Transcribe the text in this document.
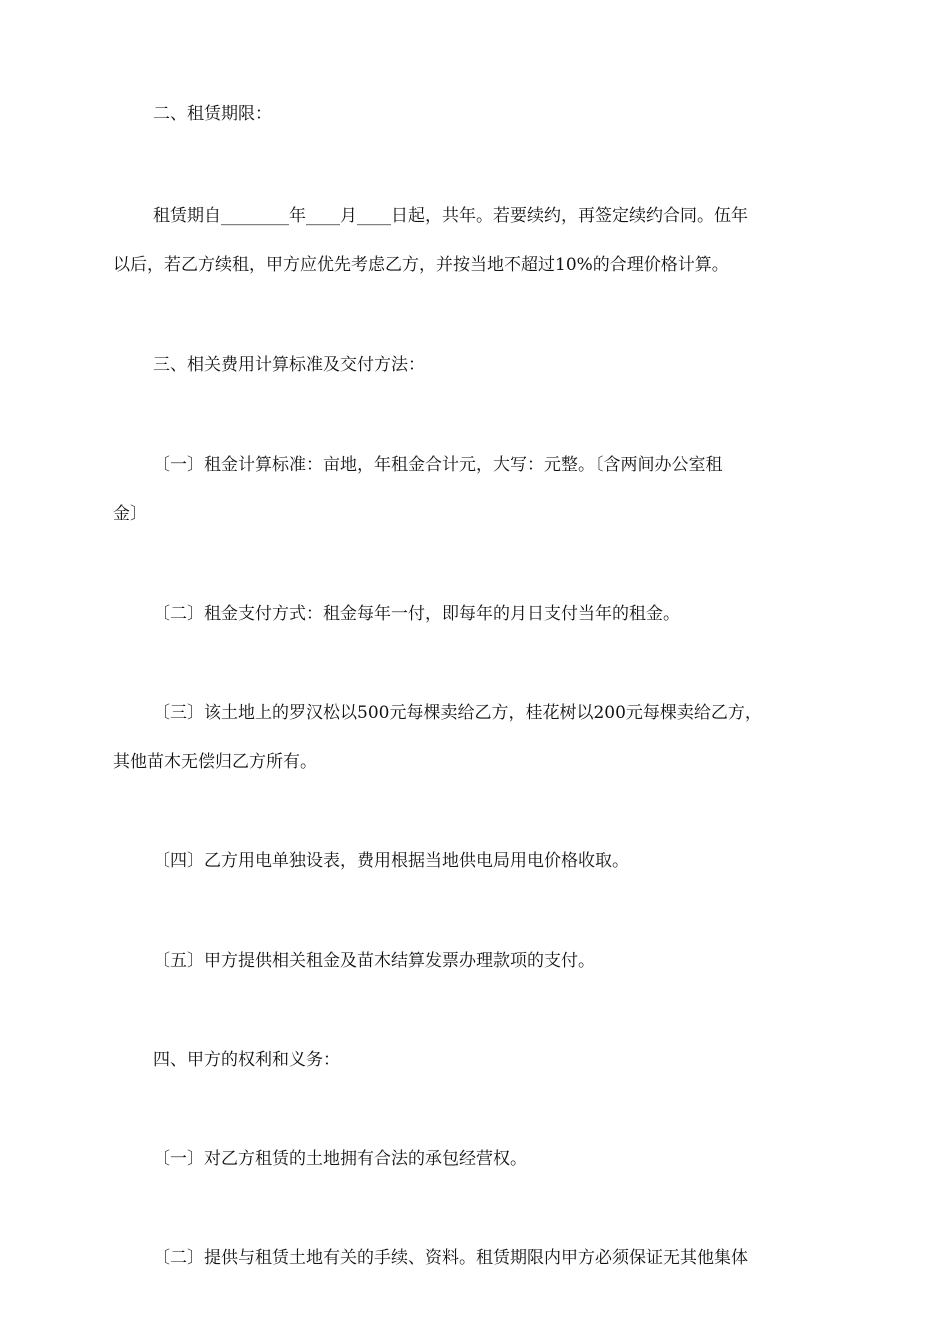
二、租赁期限：

租赁期自________年____月____日起，共年。若要续约，再签定续约合同。伍年
以后，若乙方续租，甲方应优先考虑乙方，并按当地不超过10%的合理价格计算。

三、相关费用计算标准及交付方法：

〔一〕租金计算标准：亩地，年租金合计元，大写：元整。〔含两间办公室租
金〕

〔二〕租金支付方式：租金每年一付，即每年的月日支付当年的租金。

〔三〕该土地上的罗汉松以500元每棵卖给乙方，桂花树以200元每棵卖给乙方，
其他苗木无偿归乙方所有。

〔四〕乙方用电单独设表，费用根据当地供电局用电价格收取。

〔五〕甲方提供相关租金及苗木结算发票办理款项的支付。

四、甲方的权利和义务：

〔一〕对乙方租赁的土地拥有合法的承包经营权。

〔二〕提供与租赁土地有关的手续、资料。租赁期限内甲方必须保证无其他集体
